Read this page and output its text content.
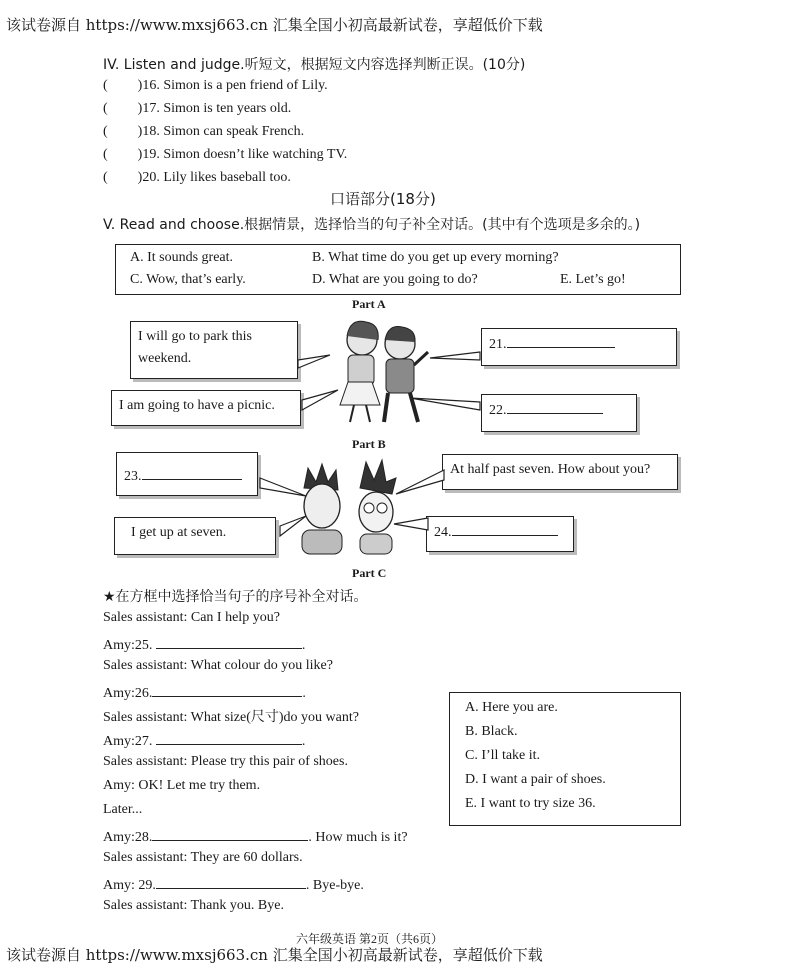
该试卷源自 https://www.mxsj663.cn 汇集全国小初高最新试卷，享超低价下载
IV. Listen and judge.听短文，根据短文内容选择判断正误。(10分)
( )16. Simon is a pen friend of Lily.
( )17. Simon is ten years old.
( )18. Simon can speak French.
( )19. Simon doesn’t like watching TV.
( )20. Lily likes baseball too.
口语部分(18分)
V. Read and choose.根据情景，选择恰当的句子补全对话。(其中有个选项是多余的。)
A. It sounds great.	B. What time do you get up every morning?
C. Wow, that’s early.	D. What are you going to do?	E. Let’s go!
Part A
I will go to park this weekend.
I am going to have a picnic.
21.
22.
Part B
23.	At half past seven. How about you?
I get up at seven.	24.
Part C
★在方框中选择恰当句子的序号补全对话。
Sales assistant: Can I help you?
Amy:25.	.
Sales assistant: What colour do you like?
Amy:26.	.
Sales assistant: What size(尺寸)do you want?
Amy:27.	.
Sales assistant: Please try this pair of shoes.
Amy: OK! Let me try them.
Later...
Amy:28.	. How much is it?
Sales assistant: They are 60 dollars.
Amy: 29.	. Bye-bye.
Sales assistant: Thank you. Bye.
A. Here you are.
B. Black.
C. I’ll take it.
D. I want a pair of shoes.
E. I want to try size 36.
六年级英语 第2页（共6页）
该试卷源自 https://www.mxsj663.cn 汇集全国小初高最新试卷，享超低价下载
